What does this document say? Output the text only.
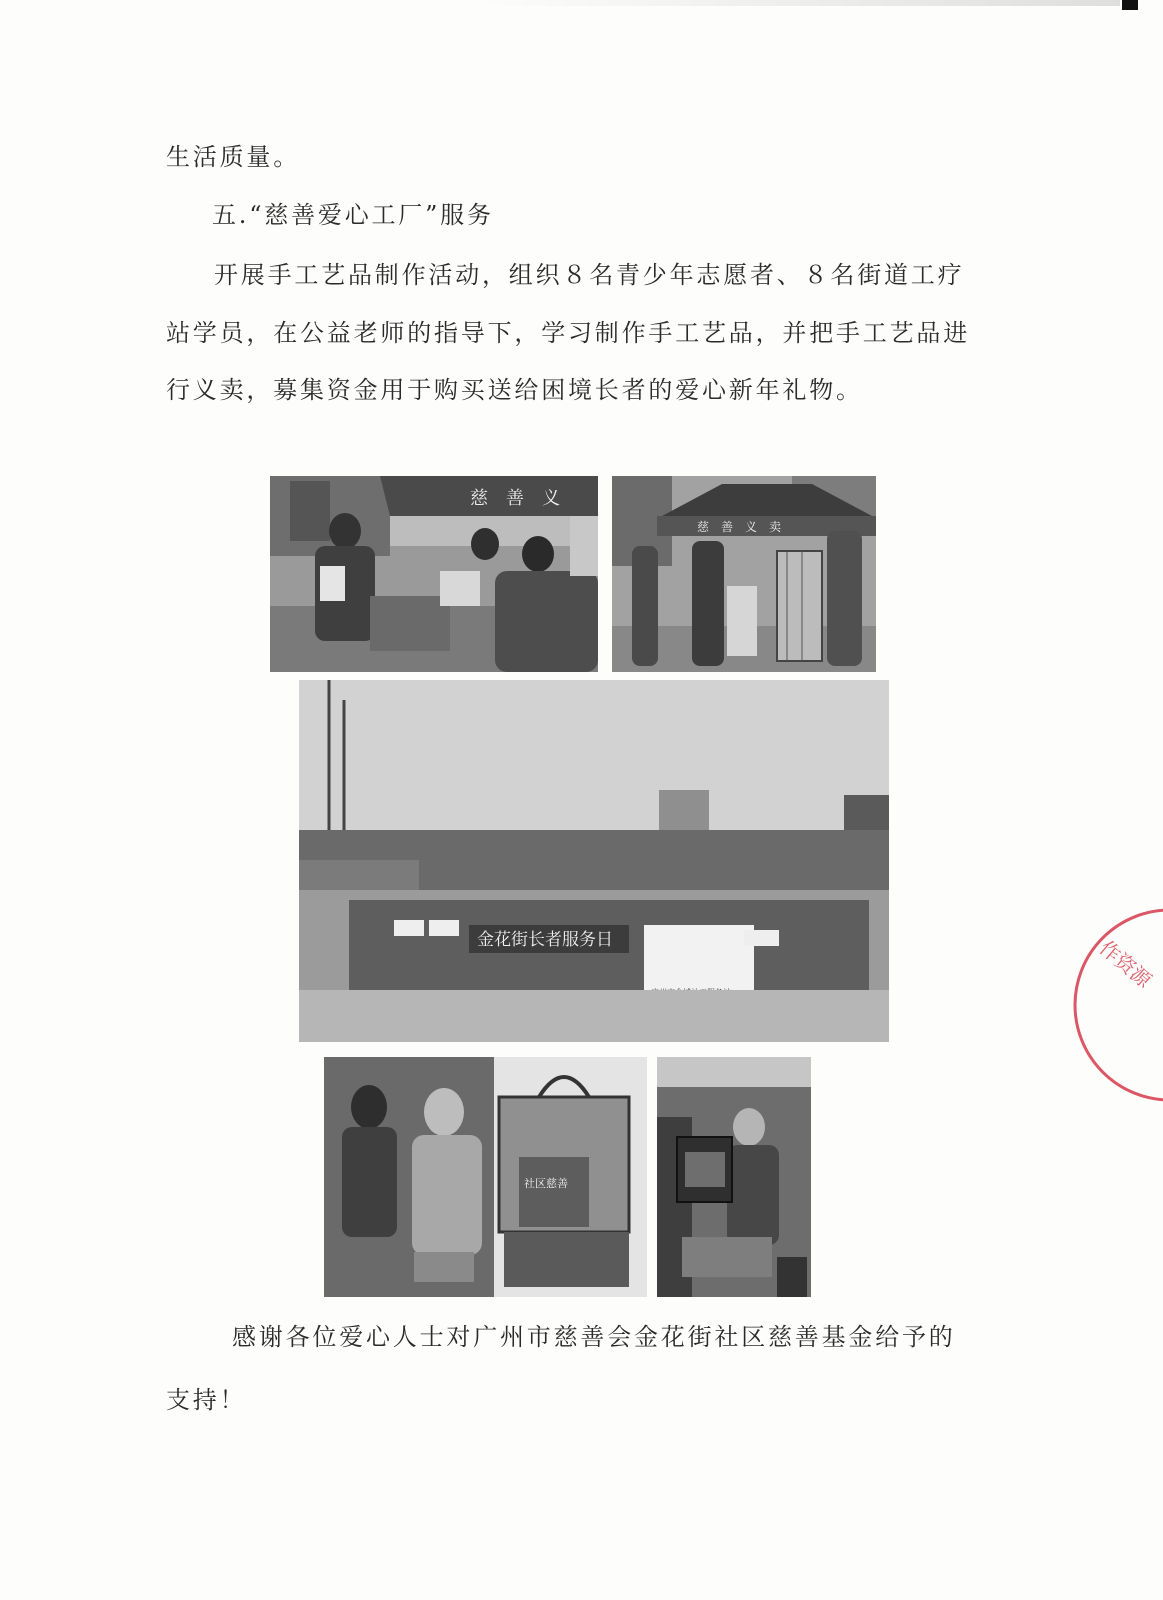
生活质量。
五.“慈善爱心工厂”服务
开展手工艺品制作活动，组织８名青少年志愿者、８名街道工疗
站学员，在公益老师的指导下，学习制作手工艺品，并把手工艺品进
行义卖，募集资金用于购买送给困境长者的爱心新年礼物。
慈　善　义
慈　善　义　卖
金花街长者服务日
社区慈善
感谢各位爱心人士对广州市慈善会金花街社区慈善基金给予的
支持！
作资源
